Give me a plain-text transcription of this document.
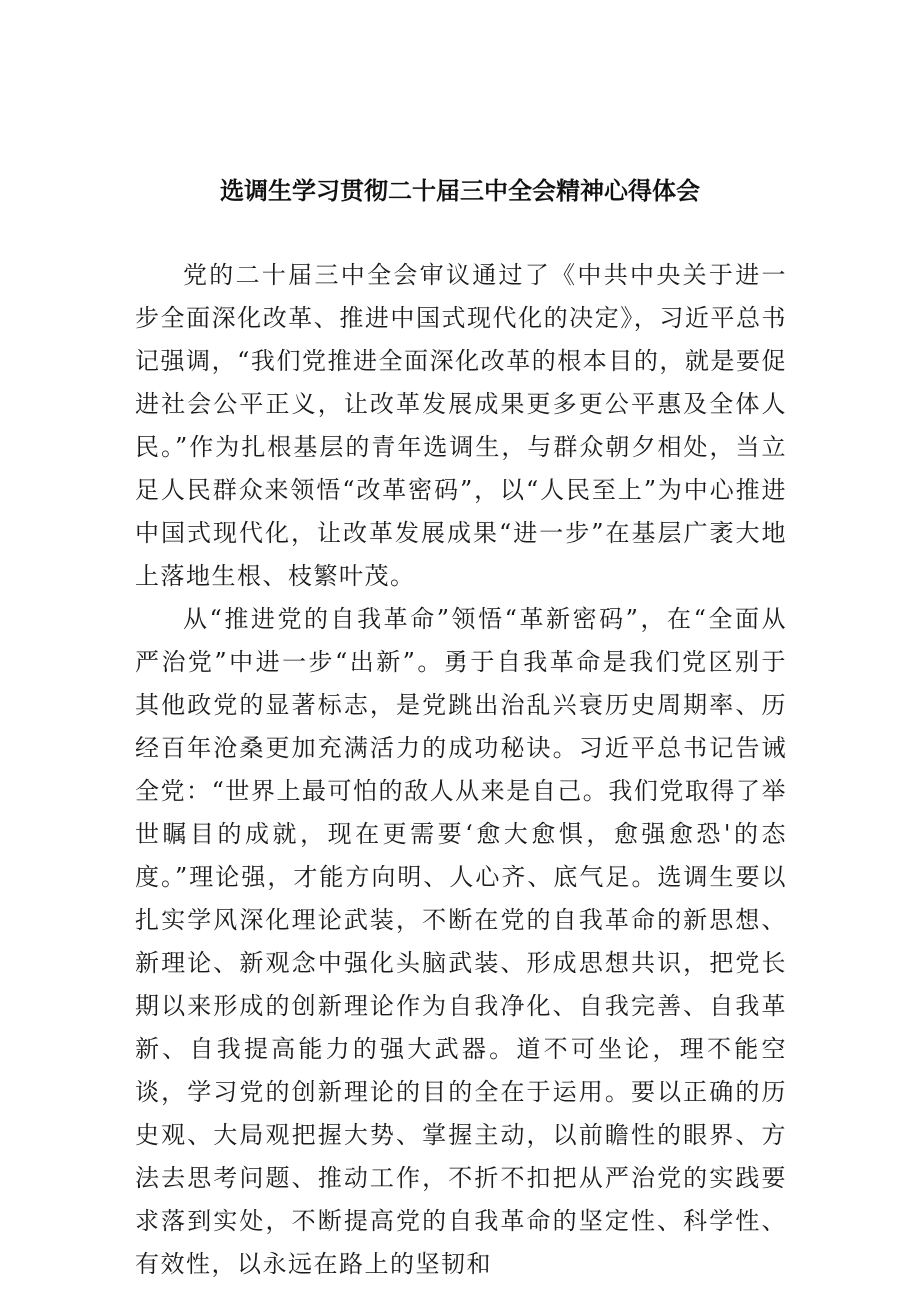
选调生学习贯彻二十届三中全会精神心得体会

党的二十届三中全会审议通过了《中共中央关于进一步全面深化改革、推进中国式现代化的决定》，习近平总书记强调，“我们党推进全面深化改革的根本目的，就是要促进社会公平正义，让改革发展成果更多更公平惠及全体人民。”作为扎根基层的青年选调生，与群众朝夕相处，当立足人民群众来领悟“改革密码”，以“人民至上”为中心推进中国式现代化，让改革发展成果“进一步”在基层广袤大地上落地生根、枝繁叶茂。

从“推进党的自我革命”领悟“革新密码”，在“全面从严治党”中进一步“出新”。勇于自我革命是我们党区别于其他政党的显著标志，是党跳出治乱兴衰历史周期率、历经百年沧桑更加充满活力的成功秘诀。习近平总书记告诫全党：“世界上最可怕的敌人从来是自己。我们党取得了举世瞩目的成就，现在更需要‘愈大愈惧，愈强愈恐'的态度。”理论强，才能方向明、人心齐、底气足。选调生要以扎实学风深化理论武装，不断在党的自我革命的新思想、新理论、新观念中强化头脑武装、形成思想共识，把党长期以来形成的创新理论作为自我净化、自我完善、自我革新、自我提高能力的强大武器。道不可坐论，理不能空谈，学习党的创新理论的目的全在于运用。要以正确的历史观、大局观把握大势、掌握主动，以前瞻性的眼界、方法去思考问题、推动工作，不折不扣把从严治党的实践要求落到实处，不断提高党的自我革命的坚定性、科学性、有效性，以永远在路上的坚韧和
